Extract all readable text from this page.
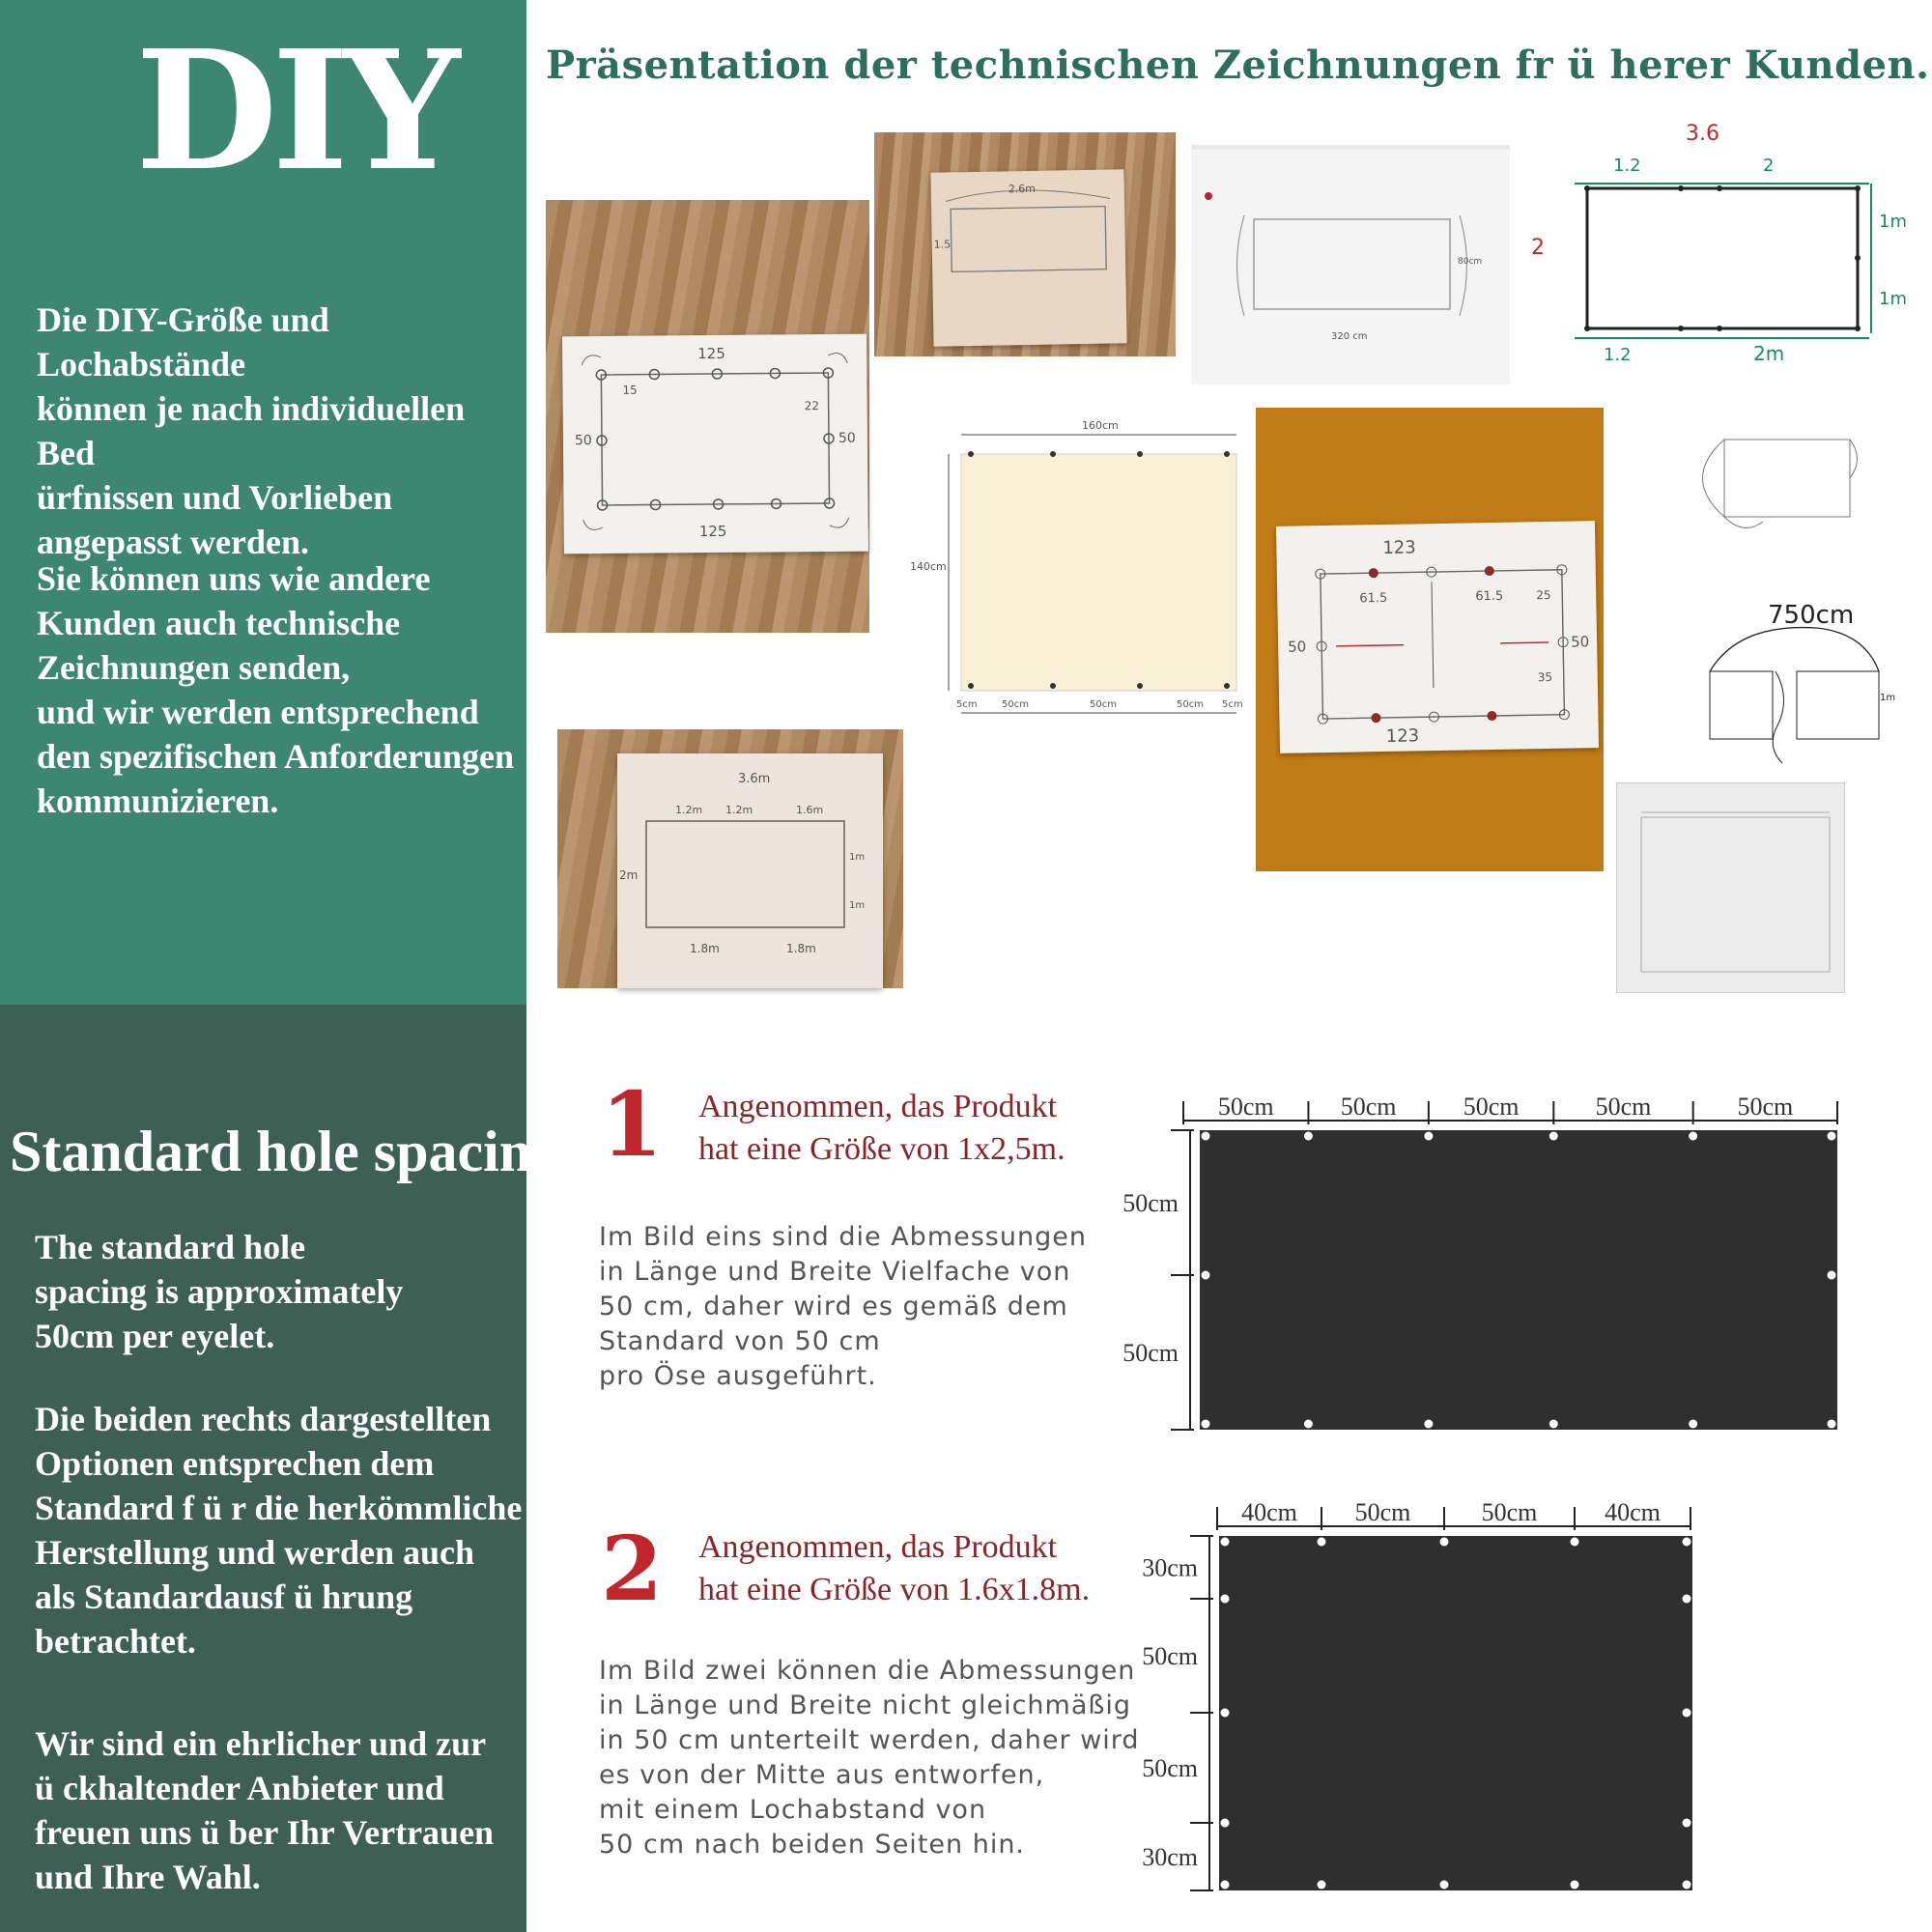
DIY
Die DIY-Größe und Lochabstände
können je nach individuellen Bed
ürfnissen und Vorlieben
angepasst werden.
Sie können uns wie andere
Kunden auch technische
Zeichnungen senden,
und wir werden entsprechend
den spezifischen Anforderungen
kommunizieren.
Standard hole spacing.
The standard hole
spacing is approximately
50cm per eyelet.
Die beiden rechts dargestellten
Optionen entsprechen dem
Standard f ü r die herkömmliche
Herstellung und werden auch
als Standardausf ü hrung
betrachtet.
Wir sind ein ehrlicher und zur
ü ckhaltender Anbieter und
freuen uns ü ber Ihr Vertrauen
und Ihre Wahl.
Präsentation der technischen Zeichnungen fr ü herer Kunden.
125
125
50	50
15
22
2.6m
1.5
320 cm
80cm
3.6
2
1.2	2
1m
1m
1.2	2m
160cm
140cm
5cm	50cm	50cm	50cm 5cm
123
123
50	50
61.5	61.5	25
35
750cm
1m
3.6m
1.2m 1.2m	1.6m
2m
1m
1m
1.8m	1.8m
1 Angenommen, das Produkt
hat eine Größe von 1x2,5m.
Im Bild eins sind die Abmessungen
in Länge und Breite Vielfache von
50 cm, daher wird es gemäß dem
Standard von 50 cm
pro Öse ausgeführt.
50cm	50cm	50cm	50cm	50cm
50cm
50cm
2 Angenommen, das Produkt
hat eine Größe von 1.6x1.8m.
Im Bild zwei können die Abmessungen
in Länge und Breite nicht gleichmäßig
in 50 cm unterteilt werden, daher wird
es von der Mitte aus entworfen,
mit einem Lochabstand von
50 cm nach beiden Seiten hin.
40cm 50cm	50cm	40cm
30cm
50cm
50cm
30cm
